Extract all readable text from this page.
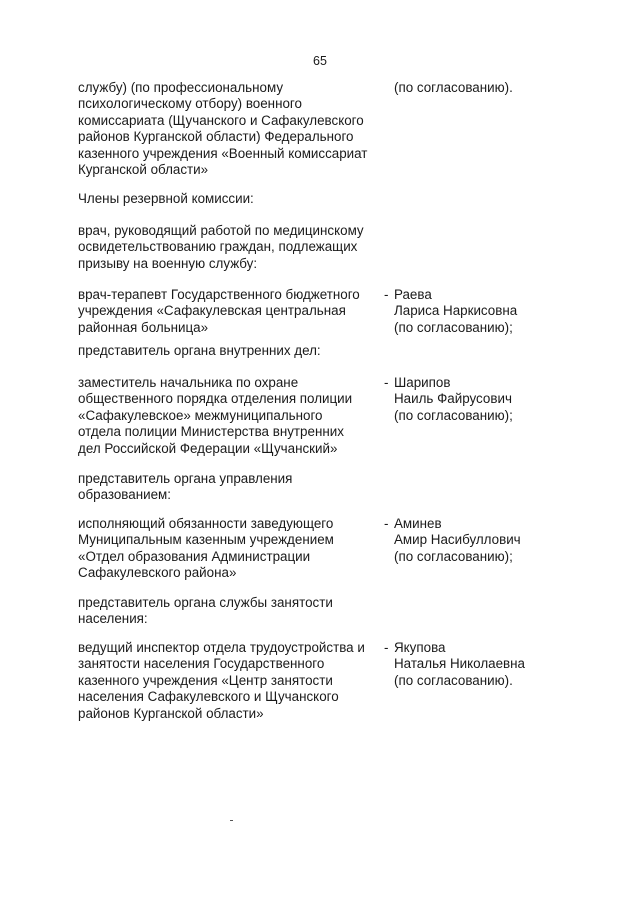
65
службу) (по профессиональному
психологическому отбору) военного
комиссариата (Щучанского и Сафакулевского
районов Курганской области) Федерального
казенного учреждения «Военный комиссариат
Курганской области»
(по согласованию).
Члены резервной комиссии:
врач, руководящий работой по медицинскому
освидетельствованию граждан, подлежащих
призыву на военную службу:
врач-терапевт Государственного бюджетного
учреждения «Сафакулевская центральная
районная больница»
- Раева
Лариса Наркисовна
(по согласованию);
представитель органа внутренних дел:
заместитель начальника по охране
общественного порядка отделения полиции
«Сафакулевское» межмуниципального
отдела полиции Министерства внутренних
дел Российской Федерации «Щучанский»
- Шарипов
Наиль Файрусович
(по согласованию);
представитель органа управления
образованием:
исполняющий обязанности заведующего
Муниципальным казенным учреждением
«Отдел образования Администрации
Сафакулевского района»
- Аминев
Амир Насибуллович
(по согласованию);
представитель органа службы занятости
населения:
ведущий инспектор отдела трудоустройства и
занятости населения Государственного
казенного учреждения «Центр занятости
населения Сафакулевского и Щучанского
районов Курганской области»
- Якупова
Наталья Николаевна
(по согласованию).
